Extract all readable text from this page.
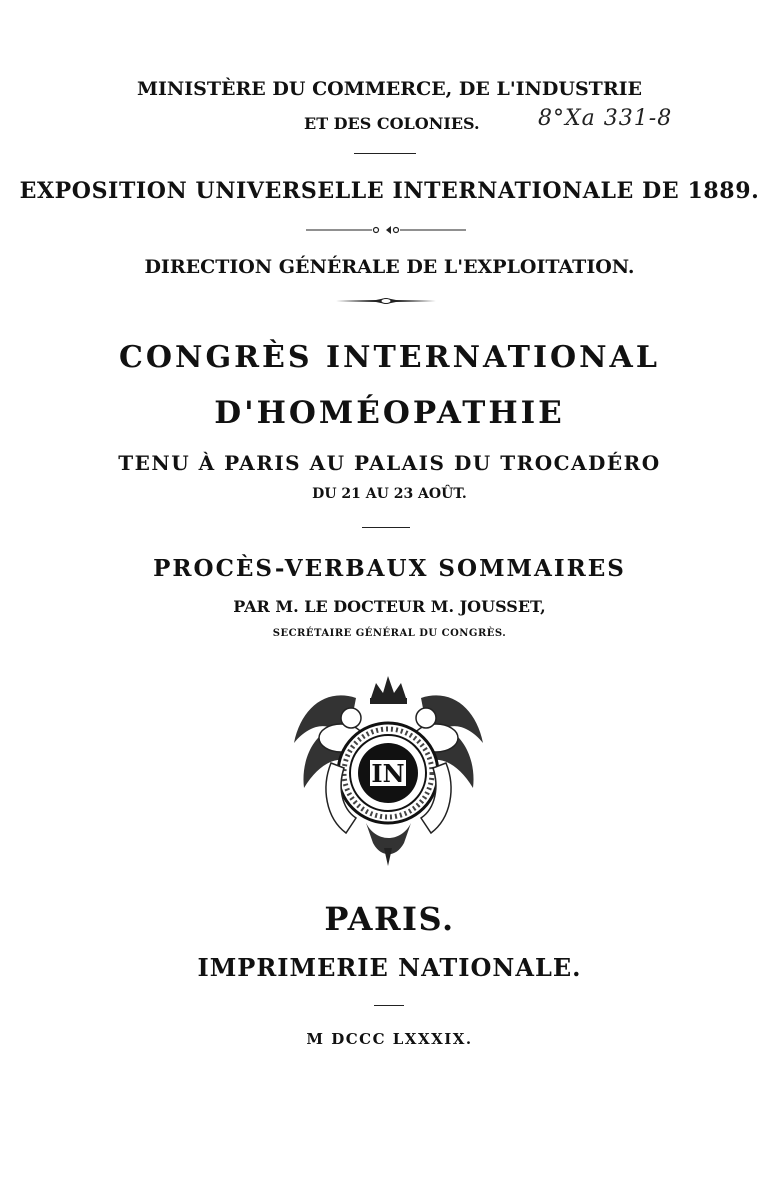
MINISTÈRE DU COMMERCE, DE L'INDUSTRIE

ET DES COLONIES.	8°Xa 331-8

EXPOSITION UNIVERSELLE INTERNATIONALE DE 1889.

DIRECTION GÉNÉRALE DE L'EXPLOITATION.

CONGRÈS INTERNATIONAL

D'HOMÉOPATHIE

TENU À PARIS AU PALAIS DU TROCADÉRO

DU 21 AU 23 AOÛT.

PROCÈS-VERBAUX SOMMAIRES

PAR M. LE DOCTEUR M. JOUSSET,

SECRÉTAIRE GÉNÉRAL DU CONGRÈS.

IN

PARIS.

IMPRIMERIE NATIONALE.

M DCCC LXXXIX.
